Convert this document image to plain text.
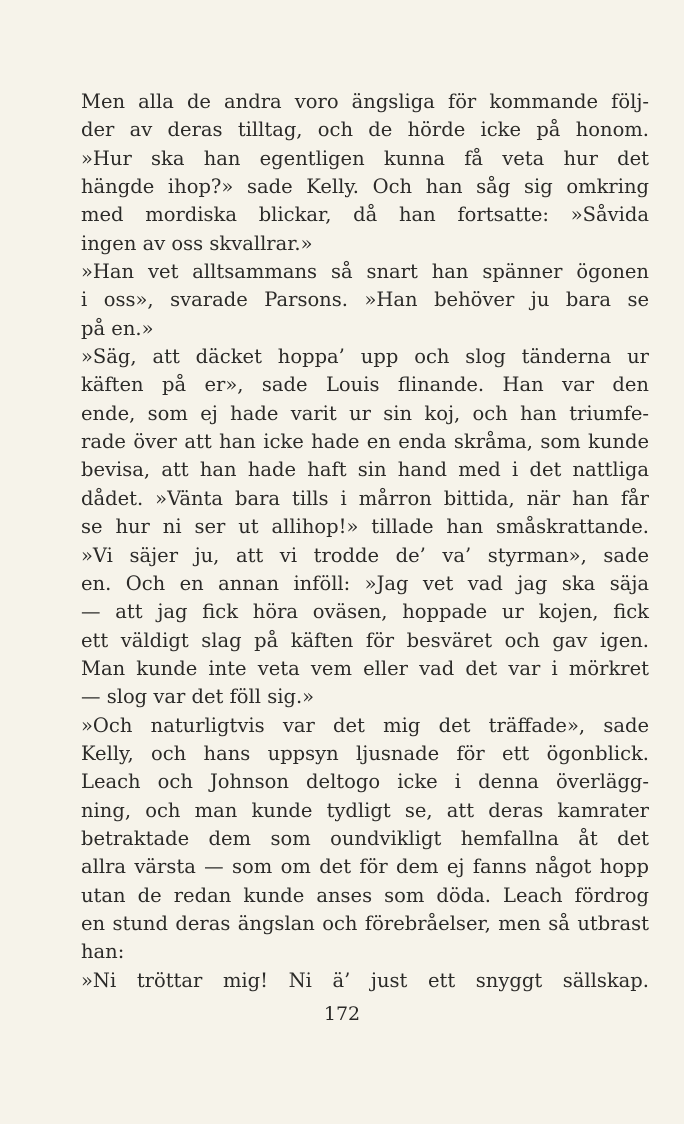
Men alla de andra voro ängsliga för kommande följ-
der av deras tilltag, och de hörde icke på honom.
»Hur ska han egentligen kunna få veta hur det
hängde ihop?» sade Kelly. Och han såg sig omkring
med mordiska blickar, då han fortsatte: »Såvida
ingen av oss skvallrar.»
»Han vet alltsammans så snart han spänner ögonen
i oss», svarade Parsons. »Han behöver ju bara se
på en.»
»Säg, att däcket hoppa’ upp och slog tänderna ur
käften på er», sade Louis flinande. Han var den
ende, som ej hade varit ur sin koj, och han triumfe-
rade över att han icke hade en enda skråma, som kunde
bevisa, att han hade haft sin hand med i det nattliga
dådet. »Vänta bara tills i mårron bittida, när han får
se hur ni ser ut allihop!» tillade han småskrattande.
»Vi säjer ju, att vi trodde de’ va’ styrman», sade
en. Och en annan inföll: »Jag vet vad jag ska säja
— att jag fick höra oväsen, hoppade ur kojen, fick
ett väldigt slag på käften för besväret och gav igen.
Man kunde inte veta vem eller vad det var i mörkret
— slog var det föll sig.»
»Och naturligtvis var det mig det träffade», sade
Kelly, och hans uppsyn ljusnade för ett ögonblick.
Leach och Johnson deltogo icke i denna överlägg-
ning, och man kunde tydligt se, att deras kamrater
betraktade dem som oundvikligt hemfallna åt det
allra värsta — som om det för dem ej fanns något hopp
utan de redan kunde anses som döda. Leach fördrog
en stund deras ängslan och förebråelser, men så utbrast
han:
»Ni tröttar mig! Ni ä’ just ett snyggt sällskap.
172
